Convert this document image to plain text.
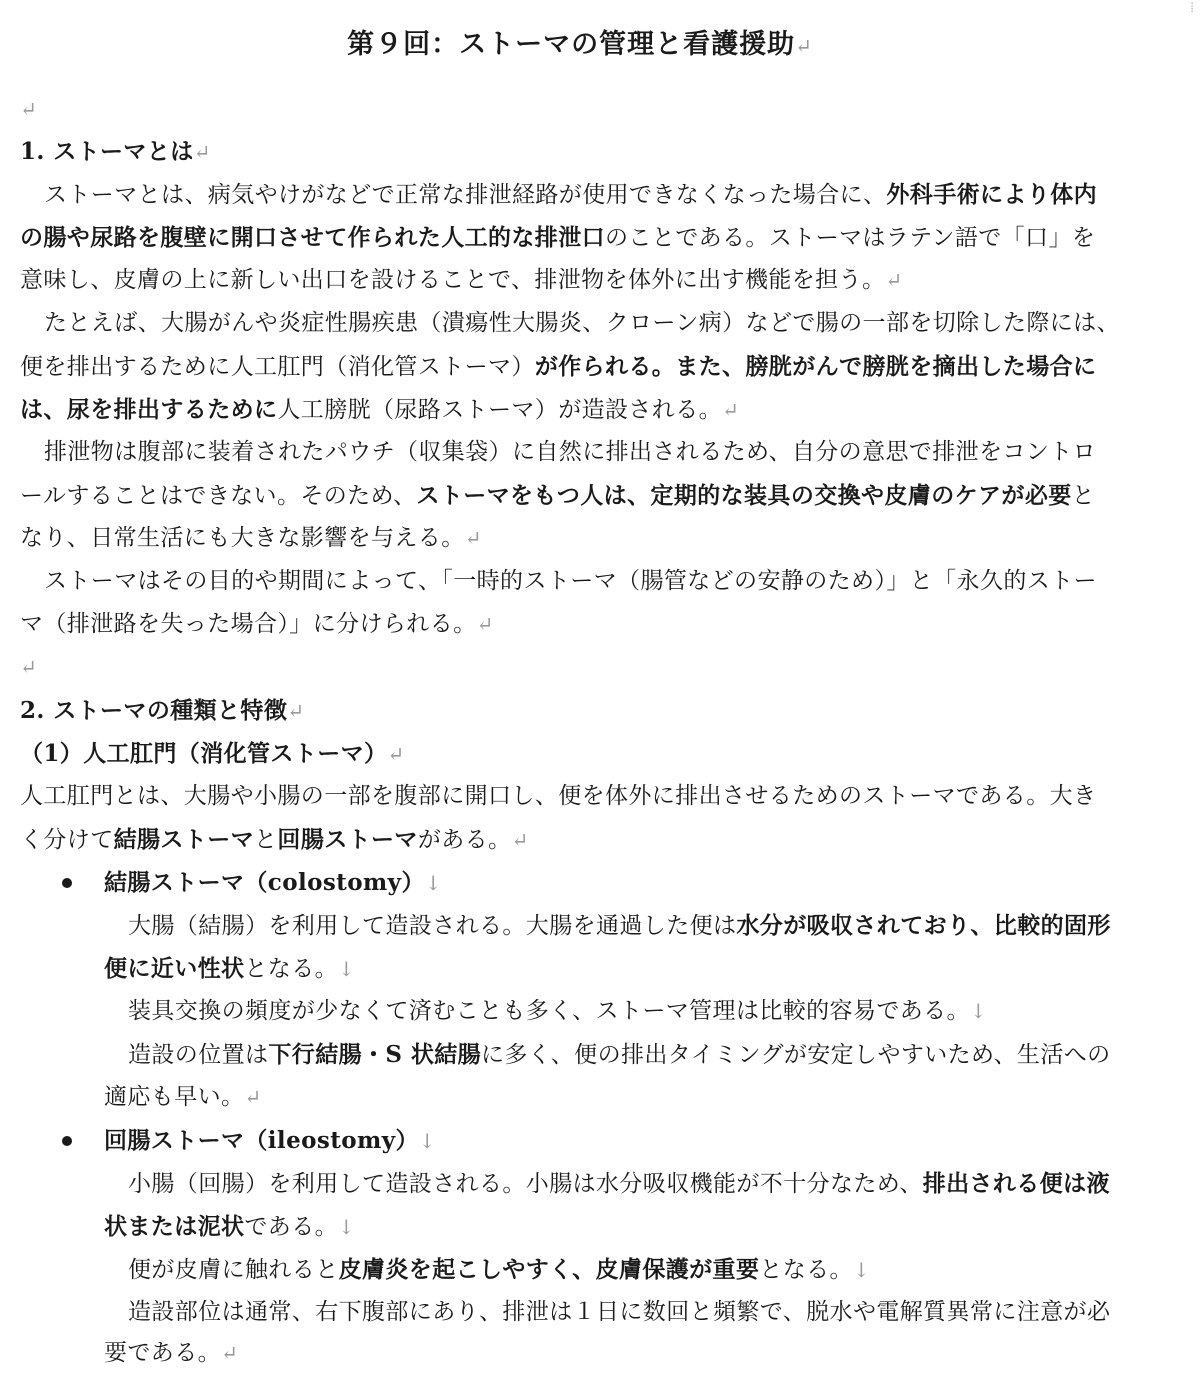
⁞
第９回：ストーマの管理と看護援助↵
↵
1. ストーマとは↵
ストーマとは、病気やけがなどで正常な排泄経路が使用できなくなった場合に、外科手術により体内
の腸や尿路を腹壁に開口させて作られた人工的な排泄口のことである。ストーマはラテン語で「口」を
意味し、皮膚の上に新しい出口を設けることで、排泄物を体外に出す機能を担う。↵
たとえば、大腸がんや炎症性腸疾患（潰瘍性大腸炎、クローン病）などで腸の一部を切除した際には、
便を排出するために人工肛門（消化管ストーマ）が作られる。また、膀胱がんで膀胱を摘出した場合に
は、尿を排出するために人工膀胱（尿路ストーマ）が造設される。↵
排泄物は腹部に装着されたパウチ（収集袋）に自然に排出されるため、自分の意思で排泄をコントロ
ールすることはできない。そのため、ストーマをもつ人は、定期的な装具の交換や皮膚のケアが必要と
なり、日常生活にも大きな影響を与える。↵
ストーマはその目的や期間によって、「一時的ストーマ（腸管などの安静のため）」と「永久的ストー
マ（排泄路を失った場合）」に分けられる。↵
↵
2. ストーマの種類と特徴↵
（1）人工肛門（消化管ストーマ）↵
人工肛門とは、大腸や小腸の一部を腹部に開口し、便を体外に排出させるためのストーマである。大き
く分けて結腸ストーマと回腸ストーマがある。↵
結腸ストーマ（colostomy）↓
大腸（結腸）を利用して造設される。大腸を通過した便は水分が吸収されており、比較的固形
便に近い性状となる。↓
装具交換の頻度が少なくて済むことも多く、ストーマ管理は比較的容易である。↓
造設の位置は下行結腸・S 状結腸に多く、便の排出タイミングが安定しやすいため、生活への
適応も早い。↵
回腸ストーマ（ileostomy）↓
小腸（回腸）を利用して造設される。小腸は水分吸収機能が不十分なため、排出される便は液
状または泥状である。↓
便が皮膚に触れると皮膚炎を起こしやすく、皮膚保護が重要となる。↓
造設部位は通常、右下腹部にあり、排泄は１日に数回と頻繁で、脱水や電解質異常に注意が必
要である。↵
